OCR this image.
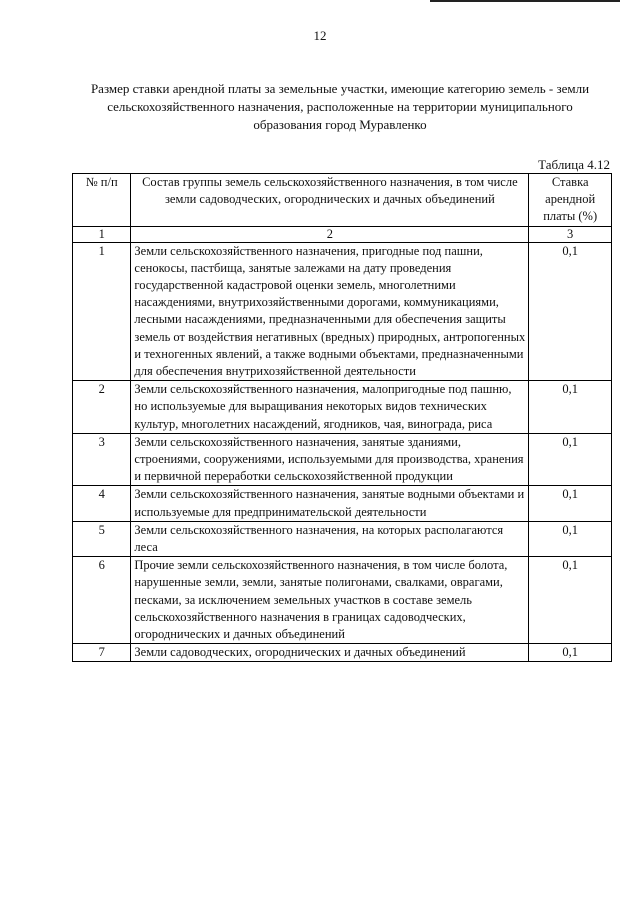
12
Размер ставки арендной платы за земельные участки, имеющие категорию земель - земли
сельскохозяйственного назначения, расположенные на территории муниципального
образования город Муравленко
Таблица 4.12
№ п/п	Состав группы земель сельскохозяйственного назначения, в том числе земли садоводческих, огороднических и дачных объединений	Ставка арендной платы (%)
1	2	3
1	Земли сельскохозяйственного назначения, пригодные под пашни, сенокосы, пастбища, занятые залежами на дату проведения государственной кадастровой оценки земель, многолетними насаждениями, внутрихозяйственными дорогами, коммуникациями, лесными насаждениями, предназначенными для обеспечения защиты земель от воздействия негативных (вредных) природных, антропогенных и техногенных явлений, а также водными объектами, предназначенными для обеспечения внутрихозяйственной деятельности	0,1
2	Земли сельскохозяйственного назначения, малопригодные под пашню, но используемые для выращивания некоторых видов технических культур, многолетних насаждений, ягодников, чая, винограда, риса	0,1
3	Земли сельскохозяйственного назначения, занятые зданиями, строениями, сооружениями, используемыми для производства, хранения и первичной переработки сельскохозяйственной продукции	0,1
4	Земли сельскохозяйственного назначения, занятые водными объектами и используемые для предпринимательской деятельности	0,1
5	Земли сельскохозяйственного назначения, на которых располагаются леса	0,1
6	Прочие земли сельскохозяйственного назначения, в том числе болота, нарушенные земли, земли, занятые полигонами, свалками, оврагами, песками, за исключением земельных участков в составе земель сельскохозяйственного назначения в границах садоводческих, огороднических и дачных объединений	0,1
7	Земли садоводческих, огороднических и дачных объединений	0,1
